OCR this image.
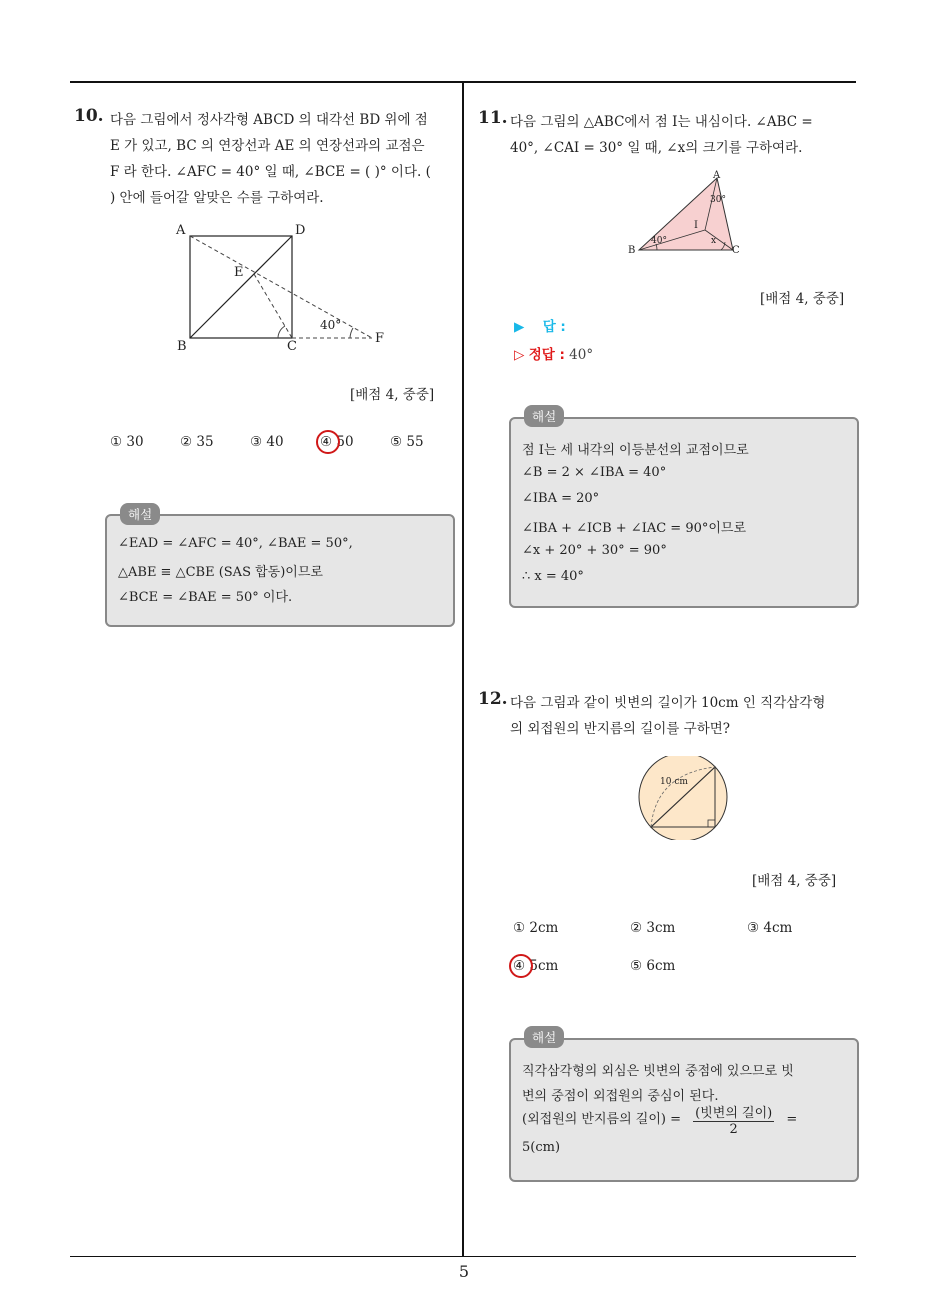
5
10. 다음 그림에서 정사각형 ABCD 의 대각선 BD 위에 점
E 가 있고, BC 의 연장선과 AE 의 연장선과의 교점은
F 라 한다. ∠AFC = 40° 일 때, ∠BCE = ( )° 이다. (
) 안에 들어갈 알맞은 수를 구하여라.
A	D
E
B	C
F
40°
[배점 4, 중중]
① 30	② 35	③ 40	④ 50	⑤ 55
해설
∠EAD = ∠AFC = 40°, ∠BAE = 50°,
△ABE ≡ △CBE (SAS 합동)이므로
∠BCE = ∠BAE = 50° 이다.
11. 다음 그림의 △ABC에서 점 I는 내심이다. ∠ABC =
40°, ∠CAI = 30° 일 때, ∠x의 크기를 구하여라.
A
B	C
I
x
30°
40°
[배점 4, 중중]
▶ 답 :
▷ 정답 : 40°
해설
점 I는 세 내각의 이등분선의 교점이므로
∠B = 2 × ∠IBA = 40°
∠IBA = 20°
∠IBA + ∠ICB + ∠IAC = 90°이므로
∠x + 20° + 30° = 90°
∴ x = 40°
12. 다음 그림과 같이 빗변의 길이가 10cm 인 직각삼각형
의 외접원의 반지름의 길이를 구하면?
10 cm
[배점 4, 중중]
① 2cm	② 3cm	③ 4cm
④ 5cm	⑤ 6cm
해설
직각삼각형의 외심은 빗변의 중점에 있으므로 빗
변의 중점이 외접원의 중심이 된다.
(외접원의 반지름의 길이) = $\frac{\text{(빗변의 길이)}}{2}$ =
5(cm)
